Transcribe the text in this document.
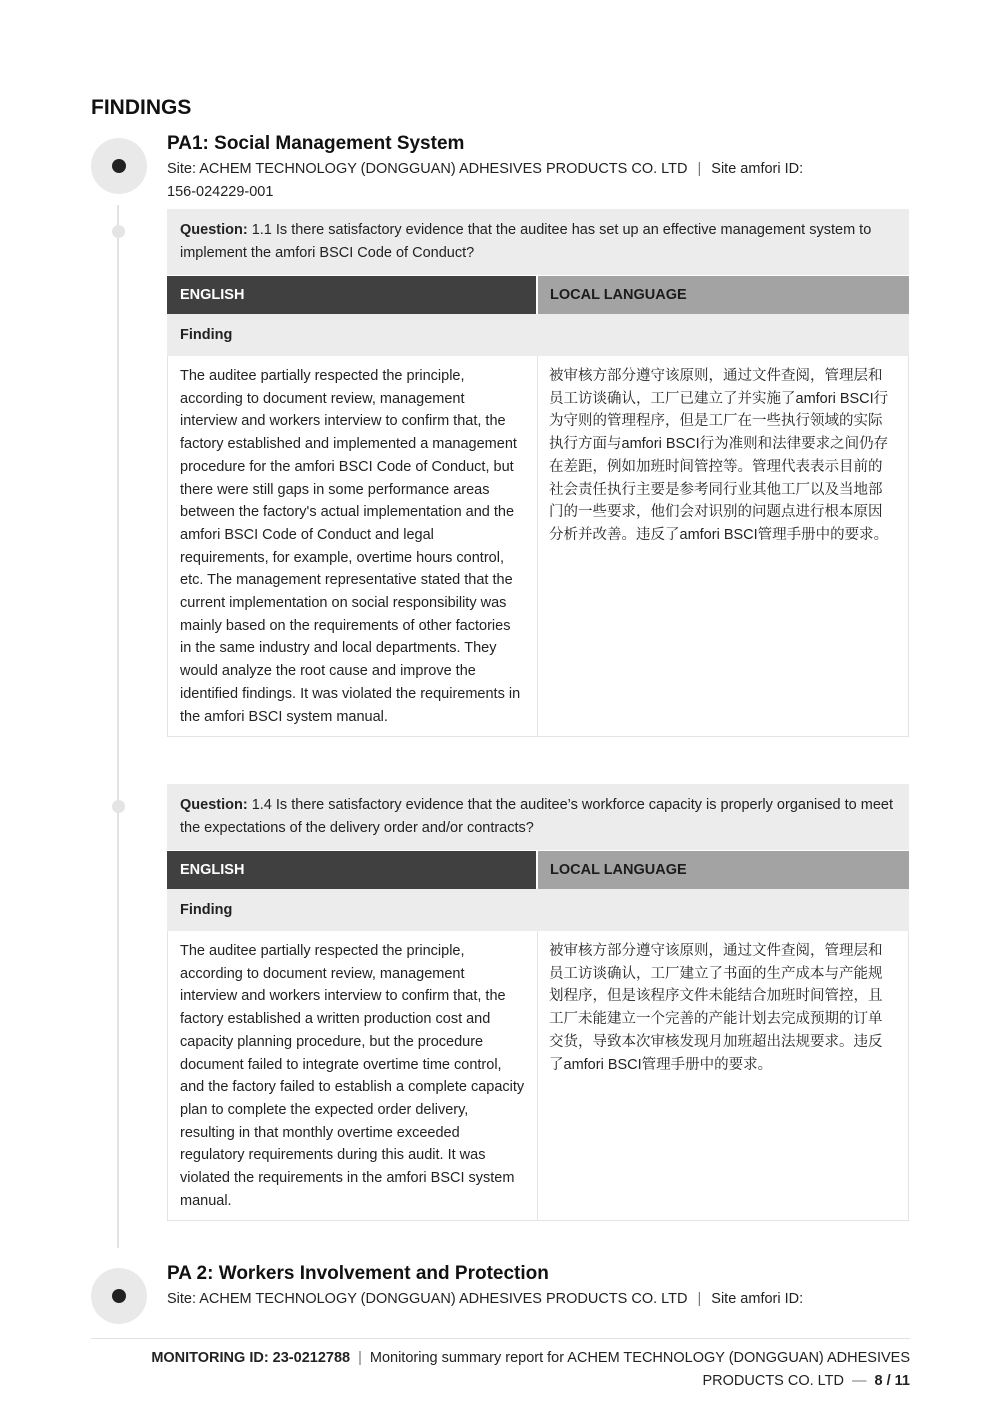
FINDINGS
PA1: Social Management System
Site: ACHEM TECHNOLOGY (DONGGUAN) ADHESIVES PRODUCTS CO. LTD | Site amfori ID:
156-024229-001
Question: 1.1 Is there satisfactory evidence that the auditee has set up an effective management system to implement the amfori BSCI Code of Conduct?
ENGLISH	LOCAL LANGUAGE
Finding
The auditee partially respected the principle, according to document review, management interview and workers interview to confirm that, the factory established and implemented a management procedure for the amfori BSCI Code of Conduct, but there were still gaps in some performance areas between the factory's actual implementation and the amfori BSCI Code of Conduct and legal requirements, for example, overtime hours control, etc. The management representative stated that the current implementation on social responsibility was mainly based on the requirements of other factories in the same industry and local departments. They would analyze the root cause and improve the identified findings. It was violated the requirements in the amfori BSCI system manual.
被审核方部分遵守该原则，通过文件查阅，管理层和员工访谈确认，工厂已建立了并实施了amfori BSCI行为守则的管理程序，但是工厂在一些执行领域的实际执行方面与amfori BSCI行为准则和法律要求之间仍存在差距，例如加班时间管控等。管理代表表示目前的社会责任执行主要是参考同行业其他工厂以及当地部门的一些要求，他们会对识别的问题点进行根本原因分析并改善。违反了amfori BSCI管理手册中的要求。
Question: 1.4 Is there satisfactory evidence that the auditee’s workforce capacity is properly organised to meet the expectations of the delivery order and/or contracts?
ENGLISH	LOCAL LANGUAGE
Finding
The auditee partially respected the principle, according to document review, management interview and workers interview to confirm that, the factory established a written production cost and capacity planning procedure, but the procedure document failed to integrate overtime time control, and the factory failed to establish a complete capacity plan to complete the expected order delivery, resulting in that monthly overtime exceeded regulatory requirements during this audit. It was violated the requirements in the amfori BSCI system manual.
被审核方部分遵守该原则，通过文件查阅，管理层和员工访谈确认，工厂建立了书面的生产成本与产能规划程序，但是该程序文件未能结合加班时间管控，且工厂未能建立一个完善的产能计划去完成预期的订单交货，导致本次审核发现月加班超出法规要求。违反了amfori BSCI管理手册中的要求。
PA 2: Workers Involvement and Protection
Site: ACHEM TECHNOLOGY (DONGGUAN) ADHESIVES PRODUCTS CO. LTD | Site amfori ID:
MONITORING ID: 23-0212788 | Monitoring summary report for ACHEM TECHNOLOGY (DONGGUAN) ADHESIVES PRODUCTS CO. LTD — 8 / 11
